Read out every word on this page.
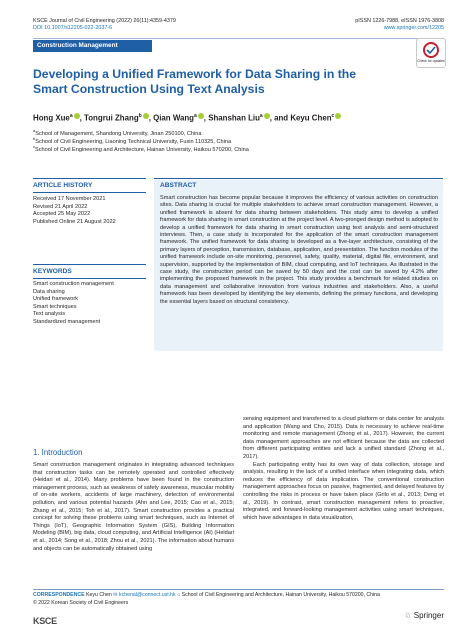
KSCE Journal of Civil Engineering (2022) 26(11):4359-4379
DOI 10.1007/s12205-022-2037-6
pISSN 1226-7988, eISSN 1976-3808
www.springer.com/12205
Construction Management
Check for updates
Developing a Unified Framework for Data Sharing in the Smart Construction Using Text Analysis
Hong Xue$^a$ , Tongrui Zhang$^b$ , Qian Wang$^a$ , Shanshan Liu$^a$ , and Keyu Chen$^c$
$^a$School of Management, Shandong University, Jinan 250100, China
$^b$School of Civil Engineering, Liaoning Technical University, Fuxin 110325, China
$^c$School of Civil Engineering and Architecture, Hainan University, Haikou 570200, China
ARTICLE HISTORY
Received 17 November 2021
Revised 21 April 2022
Accepted 25 May 2022
Published Online 21 August 2022
KEYWORDS
Smart construction management
Data sharing
Unified framework
Smart techniques
Text analysis
Standardized management
ABSTRACT
Smart construction has become popular because it improves the efficiency of various activities on construction sites. Data sharing is crucial for multiple stakeholders to achieve smart construction management. However, a unified framework is absent for data sharing between stakeholders. This study aims to develop a unified framework for data sharing in smart construction at the project level. A two-pronged design method is adopted to develop a unified framework for data sharing in smart construction using text analysis and semi-structured interviews. Then, a case study is incorporated for the application of the smart construction management framework. The unified framework for data sharing is developed as a five-layer architecture, consisting of the primary layers of perception, transmission, database, application, and presentation. The function modules of the unified framework include on-site monitoring, personnel, safety, quality, material, digital file, environment, and supervision, supported by the implementation of BIM, cloud computing, and IoT techniques. As illustrated in the case study, the construction period can be saved by 50 days and the cost can be saved by 4.2% after implementing the proposed framework in the project. This study provides a benchmark for related studies on data management and collaborative innovation from various industries and stakeholders. Also, a useful framework has been developed by identifying the key elements, defining the primary functions, and developing the essential layers based on structural consistency.
1. Introduction
Smart construction management originates in integrating advanced techniques that construction tasks can be remotely operated and controlled effectively (Heidari et al., 2014). Many problems have been found in the construction management process, such as weakness of safety awareness, muscular mobility of on-site workers, accidents of large machinery, detection of environmental pollution, and various potential hazards (Ahn and Lee, 2015; Cao et al., 2015; Zhang et al., 2015; Toh et al., 2017). Smart construction provides a practical concept for solving these problems using smart techniques, such as Internet of Things (IoT), Geographic Information System (GIS), Building Information Modeling (BIM), big data, cloud computing, and Artificial Intelligence (AI) (Heidari et al., 2014; Song et al., 2018; Zhou et al., 2021). The information about humans and objects can be automatically obtained using
sensing equipment and transferred to a cloud platform or data center for analysis and application (Wang and Cho, 2015). Data is necessary to achieve real-time monitoring and remote management (Zhong et al., 2017). However, the current data management approaches are not efficient because the data are collected from different participating entities and lack a unified standard (Zhong et al., 2017).
Each participating entity has its own way of data collection, storage and analysis, resulting in the lack of a unified interface when integrating data, which reduces the efficiency of data implication. The conventional construction management approaches focus on passive, fragmented, and delayed features by controlling the risks in process or have taken place (Grilo et al., 2013; Deng et al., 2019). In contrast, smart construction management refers to proactive, integrated, and forward-looking management activities using smart techniques, which have advantages in data visualization,
CORRESPONDENCE Keyu Chen ✉ kchenal@connect.ust.hk ⌂ School of Civil Engineering and Architecture, Hainan University, Haikou 570200, China
© 2022 Korean Society of Civil Engineers
KSCE
♘ Springer
